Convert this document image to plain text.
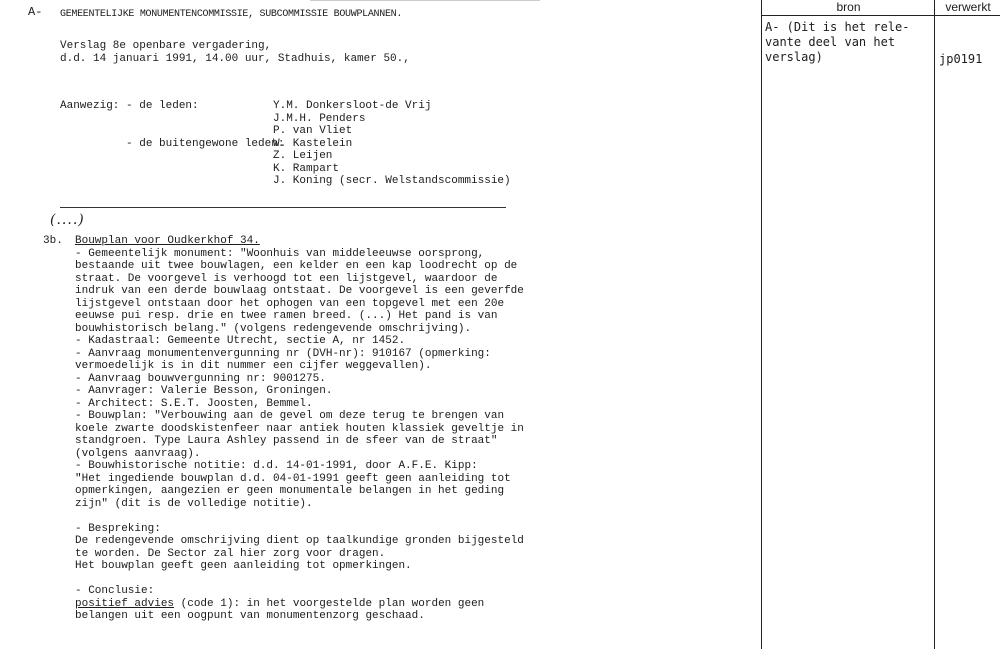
A- GEMEENTELIJKE MONUMENTENCOMMISSIE, SUBCOMMISSIE BOUWPLANNEN.
Verslag 8e openbare vergadering,
d.d. 14 januari 1991, 14.00 uur, Stadhuis, kamer 50.,
Aanwezig: - de leden:

- de buitengewone leden:
Y.M. Donkersloot-de Vrij
J.M.H. Penders
P. van Vliet
W. Kastelein
Z. Leijen
K. Rampart
J. Koning (secr. Welstandscommissie)
(....)
3b. Bouwplan voor Oudkerkhof 34.
- Gemeentelijk monument: "Woonhuis van middeleeuwse oorsprong,
bestaande uit twee bouwlagen, een kelder en een kap loodrecht op de
straat. De voorgevel is verhoogd tot een lijstgevel, waardoor de
indruk van een derde bouwlaag ontstaat. De voorgevel is een geverfde
lijstgevel ontstaan door het ophogen van een topgevel met een 20e
eeuwse pui resp. drie en twee ramen breed. (...) Het pand is van
bouwhistorisch belang." (volgens redengevende omschrijving).
- Kadastraal: Gemeente Utrecht, sectie A, nr 1452.
- Aanvraag monumentenvergunning nr (DVH-nr): 910167 (opmerking:
vermoedelijk is in dit nummer een cijfer weggevallen).
- Aanvraag bouwvergunning nr: 9001275.
- Aanvrager: Valerie Besson, Groningen.
- Architect: S.E.T. Joosten, Bemmel.
- Bouwplan: "Verbouwing aan de gevel om deze terug te brengen van
koele zwarte doodskistenfeer naar antiek houten klassiek geveltje in
standgroen. Type Laura Ashley passend in de sfeer van de straat"
(volgens aanvraag).
- Bouwhistorische notitie: d.d. 14-01-1991, door A.F.E. Kipp:
"Het ingediende bouwplan d.d. 04-01-1991 geeft geen aanleiding tot
opmerkingen, aangezien er geen monumentale belangen in het geding
zijn" (dit is de volledige notitie).

- Bespreking:
De redengevende omschrijving dient op taalkundige gronden bijgesteld
te worden. De Sector zal hier zorg voor dragen.
Het bouwplan geeft geen aanleiding tot opmerkingen.

- Conclusie:
positief advies (code 1): in het voorgestelde plan worden geen
belangen uit een oogpunt van monumentenzorg geschaad.
bron
A- (Dit is het rele-
vante deel van het
verslag)
verwerkt
jp0191
